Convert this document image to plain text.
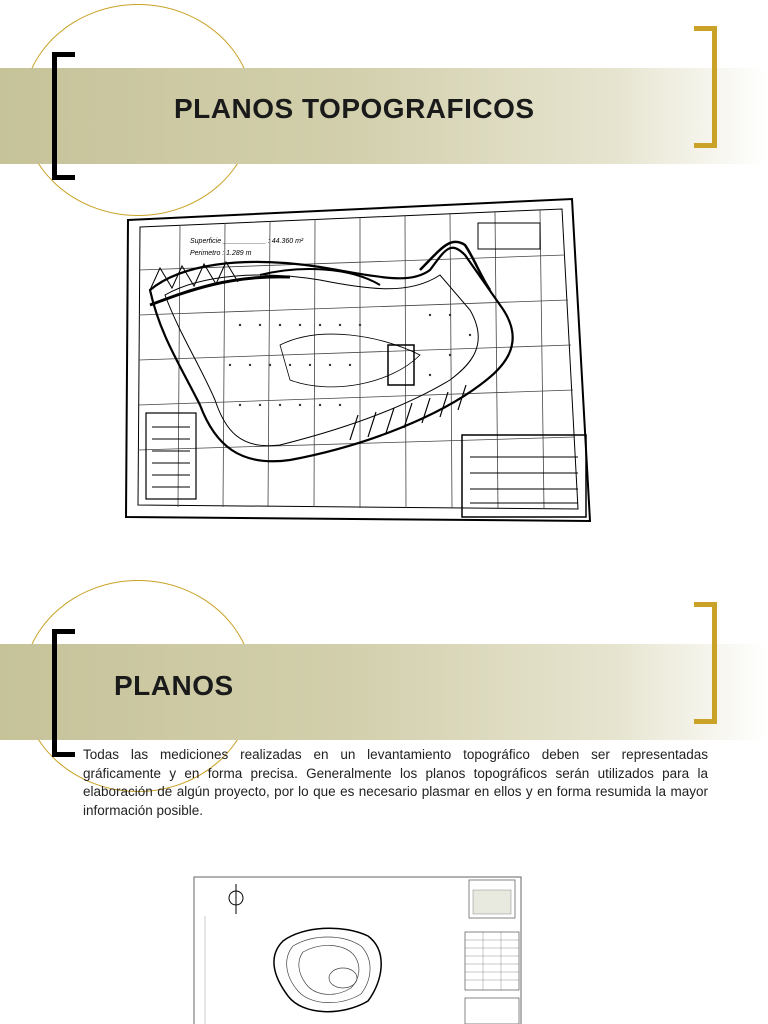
PLANOS TOPOGRAFICOS
Superficie ___________ : 44.360 m²
Perimetro : 1.289 m
PLANOS

Todas las mediciones realizadas en un levantamiento topográfico deben ser representadas gráficamente y en forma precisa. Generalmente los planos topográficos serán utilizados para la elaboración de algún proyecto, por lo que es necesario plasmar en ellos y en forma resumida la mayor información posible.
